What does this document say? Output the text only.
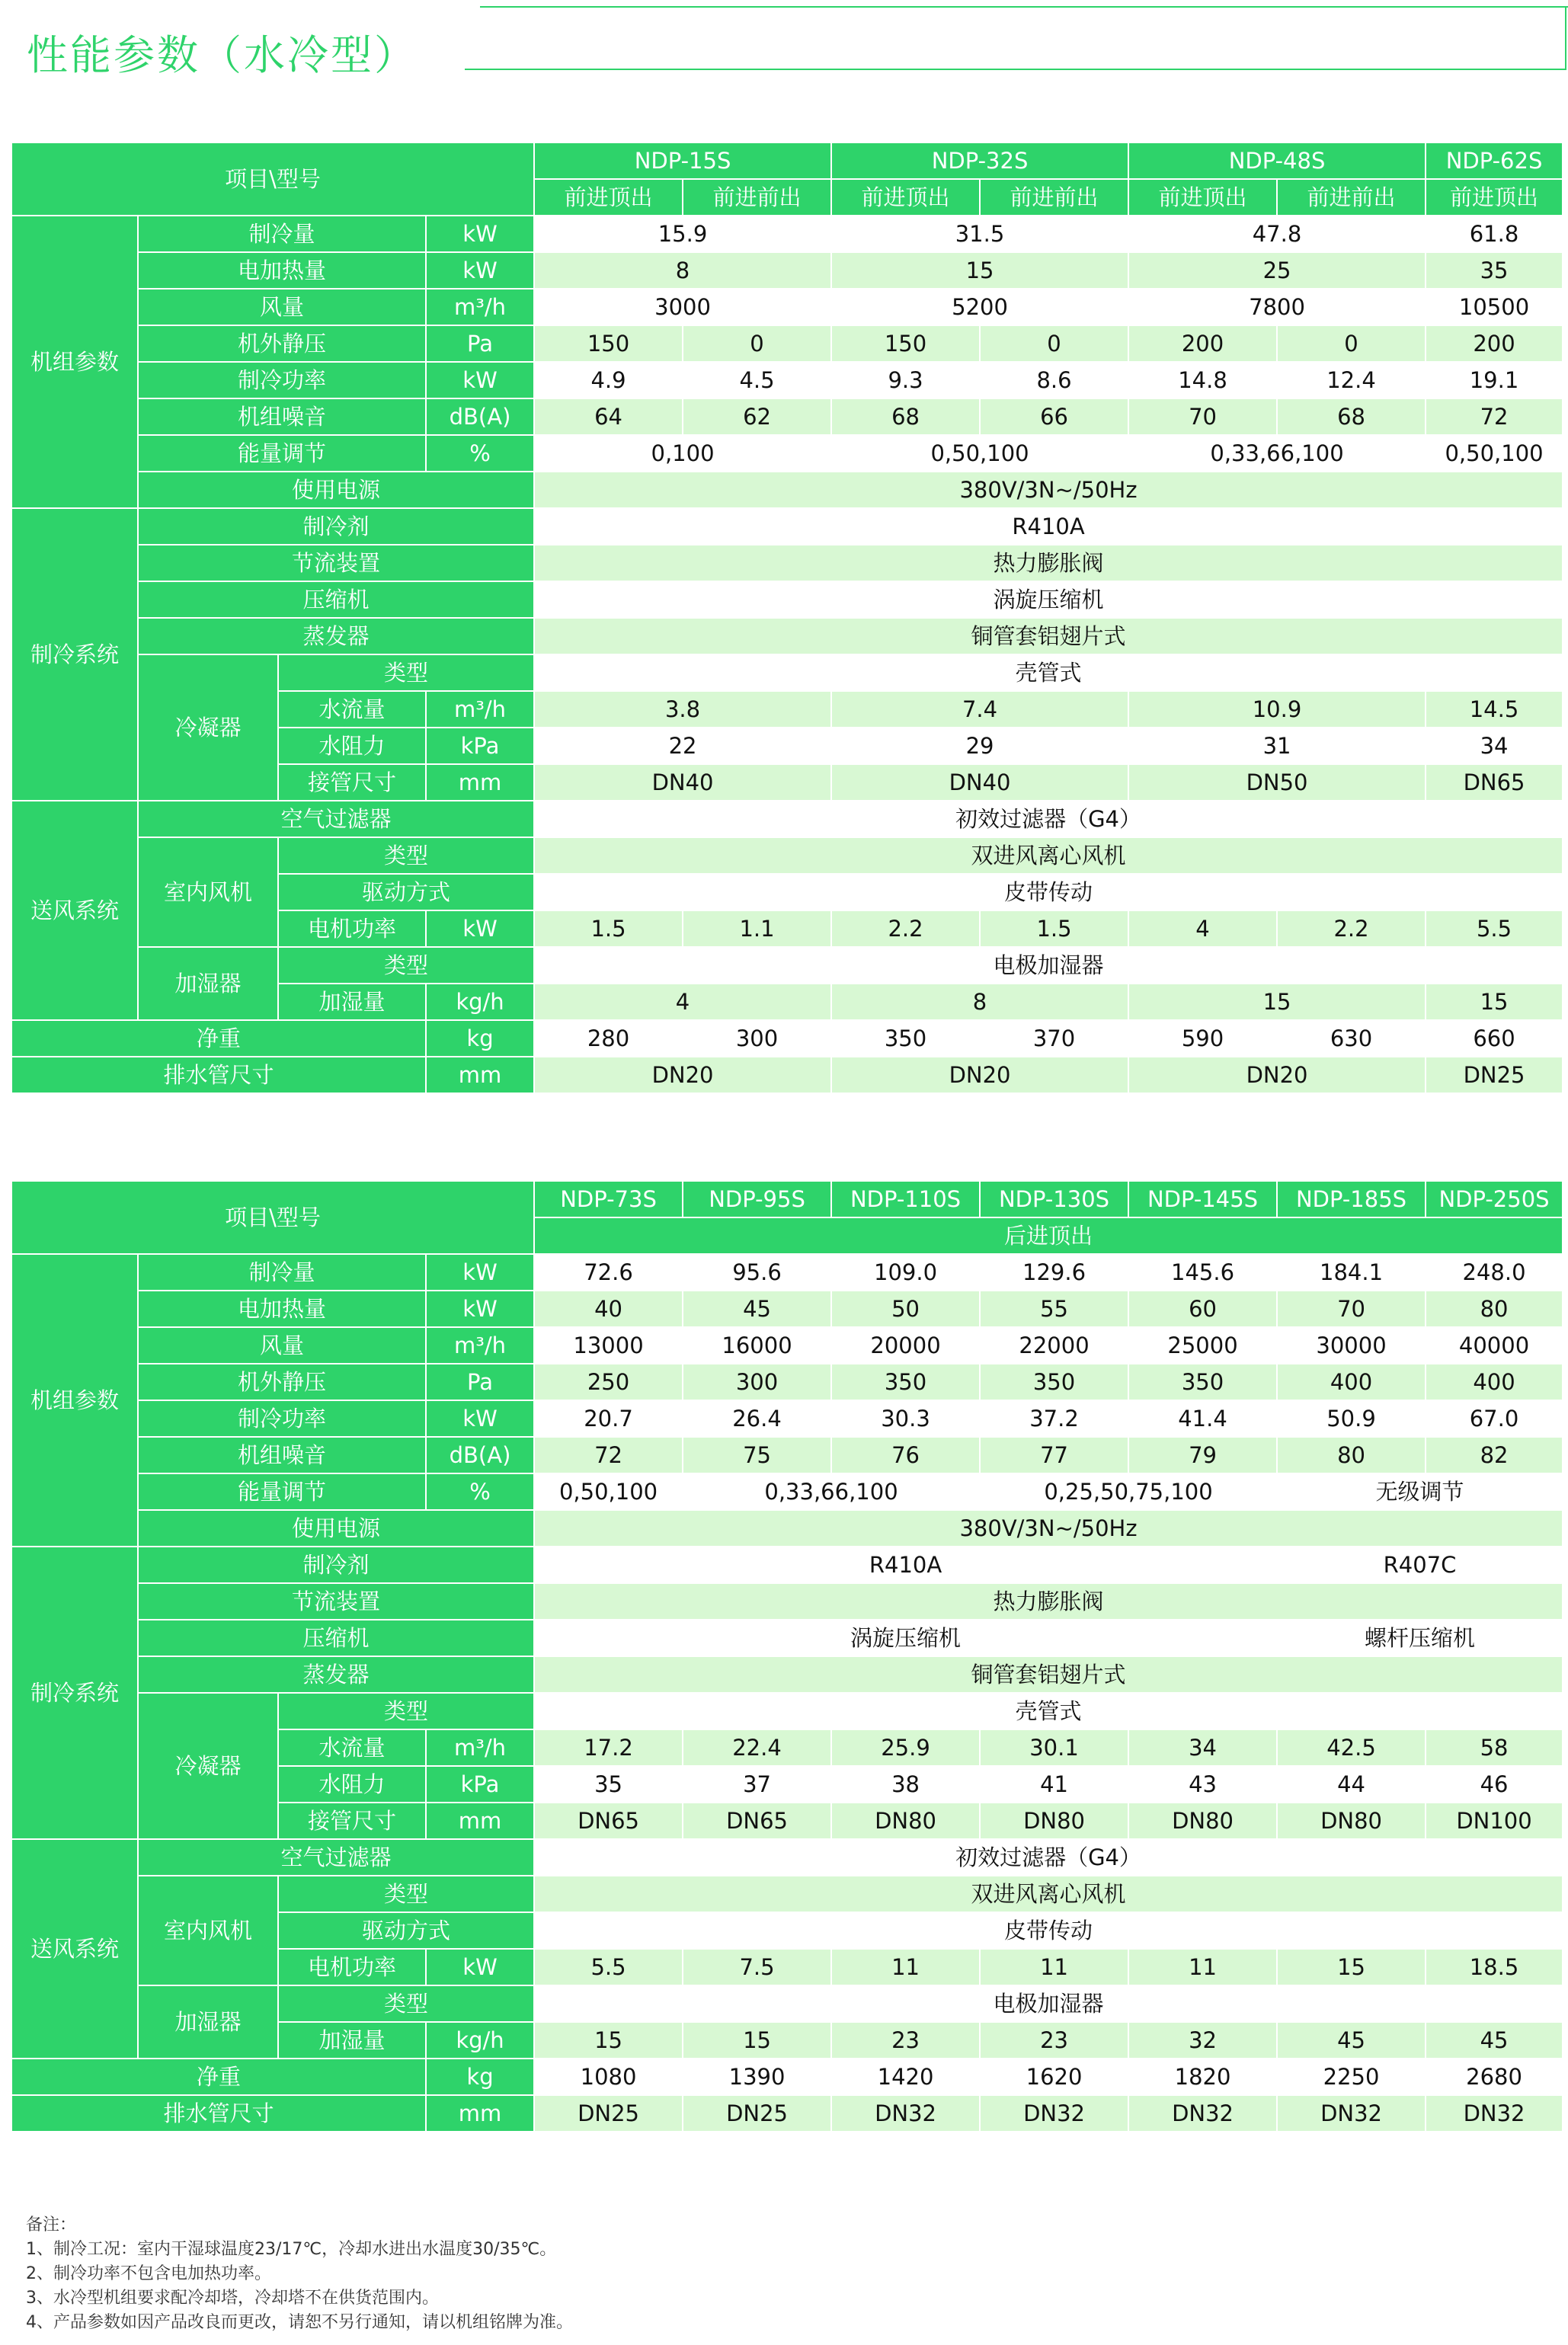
性能参数（水冷型）
项目\型号				NDP-15S		NDP-32S		NDP-48S		NDP-62S
				前进顶出	前进前出	前进顶出	前进前出	前进顶出	前进前出	前进顶出
机组参数	制冷量		kW	15.9		31.5		47.8		61.8
	电加热量		kW	8		15		25		35
	风量		m³/h	3000		5200		7800		10500
	机外静压		Pa	150	0	150	0	200	0	200
	制冷功率		kW	4.9	4.5	9.3	8.6	14.8	12.4	19.1
	机组噪音		dB(A)	64	62	68	66	70	68	72
	能量调节		%	0,100		0,50,100		0,33,66,100		0,50,100
	使用电源			380V/3N~/50Hz						
制冷系统	制冷剂			R410A						
	节流装置			热力膨胀阀						
	压缩机			涡旋压缩机						
	蒸发器			铜管套铝翅片式						
	冷凝器	类型		壳管式						
		水流量	m³/h	3.8		7.4		10.9		14.5
		水阻力	kPa	22		29		31		34
		接管尺寸	mm	DN40		DN40		DN50		DN65
送风系统	空气过滤器			初效过滤器（G4）						
	室内风机	类型		双进风离心风机						
		驱动方式		皮带传动						
		电机功率	kW	1.5	1.1	2.2	1.5	4	2.2	5.5
	加湿器	类型		电极加湿器						
		加湿量	kg/h	4		8		15		15
净重			kg	280	300	350	370	590	630	660
排水管尺寸			mm	DN20		DN20		DN20		DN25
项目\型号				NDP-73S	NDP-95S	NDP-110S	NDP-130S	NDP-145S	NDP-185S	NDP-250S
				后进顶出						
机组参数	制冷量		kW	72.6	95.6	109.0	129.6	145.6	184.1	248.0
	电加热量		kW	40	45	50	55	60	70	80
	风量		m³/h	13000	16000	20000	22000	25000	30000	40000
	机外静压		Pa	250	300	350	350	350	400	400
	制冷功率		kW	20.7	26.4	30.3	37.2	41.4	50.9	67.0
	机组噪音		dB(A)	72	75	76	77	79	80	82
	能量调节		%	0,50,100	0,33,66,100		0,25,50,75,100		无级调节	
	使用电源			380V/3N~/50Hz						
制冷系统	制冷剂			R410A					R407C	
	节流装置			热力膨胀阀						
	压缩机			涡旋压缩机					螺杆压缩机	
	蒸发器			铜管套铝翅片式						
	冷凝器	类型		壳管式						
		水流量	m³/h	17.2	22.4	25.9	30.1	34	42.5	58
		水阻力	kPa	35	37	38	41	43	44	46
		接管尺寸	mm	DN65	DN65	DN80	DN80	DN80	DN80	DN100
送风系统	空气过滤器			初效过滤器（G4）						
	室内风机	类型		双进风离心风机						
		驱动方式		皮带传动						
		电机功率	kW	5.5	7.5	11	11	11	15	18.5
	加湿器	类型		电极加湿器						
		加湿量	kg/h	15	15	23	23	32	45	45
净重			kg	1080	1390	1420	1620	1820	2250	2680
排水管尺寸			mm	DN25	DN25	DN32	DN32	DN32	DN32	DN32
备注：
1、制冷工况：室内干湿球温度23/17℃，冷却水进出水温度30/35℃。
2、制冷功率不包含电加热功率。
3、水冷型机组要求配冷却塔，冷却塔不在供货范围内。
4、产品参数如因产品改良而更改，请恕不另行通知，请以机组铭牌为准。
